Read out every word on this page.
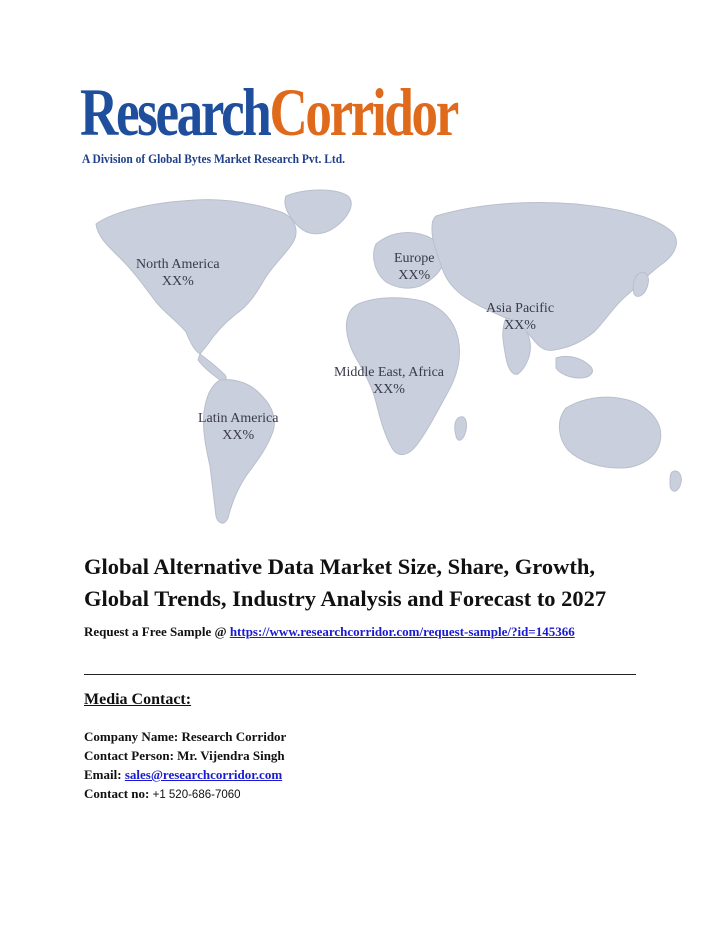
ResearchCorridor
A Division of Global Bytes Market Research Pvt. Ltd.
North America
XX%
Europe
XX%
Asia Pacific
XX%
Middle East, Africa
XX%
Latin America
XX%
Global Alternative Data Market Size, Share, Growth,
Global Trends, Industry Analysis and Forecast to 2027
Request a Free Sample @ https://www.researchcorridor.com/request-sample/?id=145366
Media Contact:
Company Name: Research Corridor
Contact Person: Mr. Vijendra Singh
Email: sales@researchcorridor.com
Contact no: +1 520-686-7060
